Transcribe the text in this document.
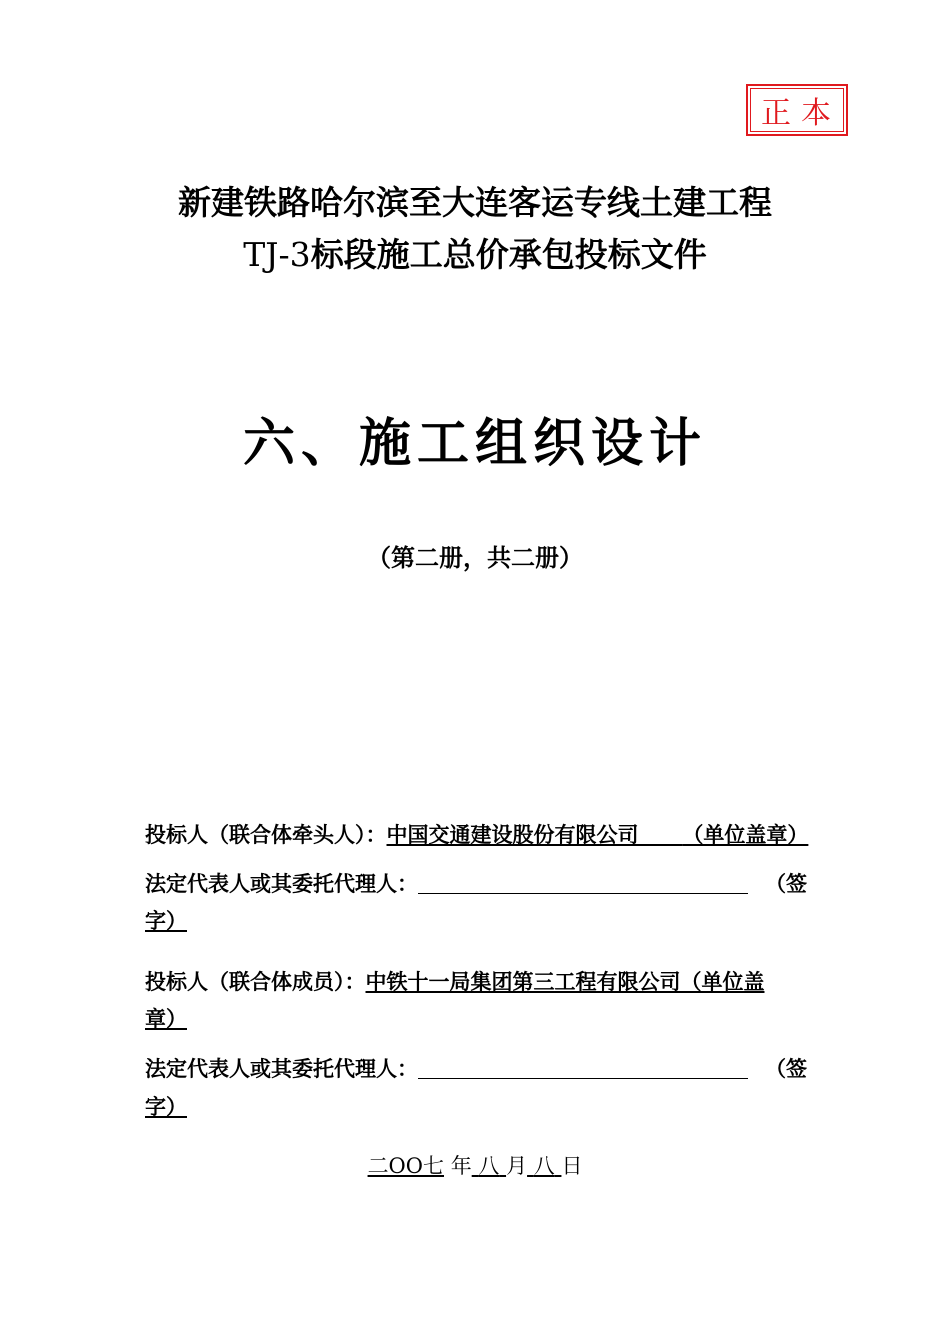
正本
新建铁路哈尔滨至大连客运专线土建工程
TJ-3标段施工总价承包投标文件
六、施工组织设计
（第二册，共二册）
投标人（联合体牵头人）：中国交通建设股份有限公司 （单位盖章）
法定代表人或其委托代理人：	（签
字）
投标人（联合体成员）：中铁十一局集团第三工程有限公司（单位盖
章）
法定代表人或其委托代理人：	（签
字）
二OO七 年 八 月 八 日
